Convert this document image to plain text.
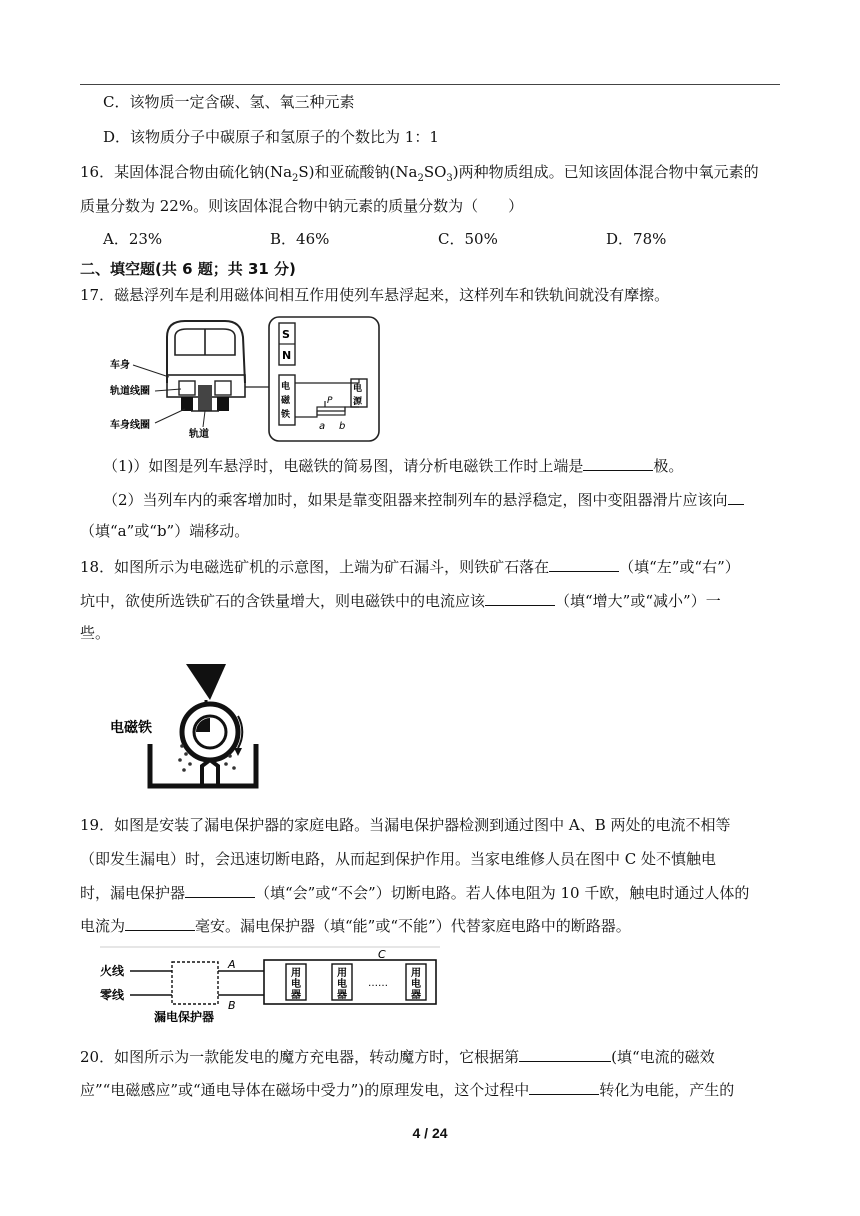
C．该物质一定含碳、氢、氧三种元素
D．该物质分子中碳原子和氢原子的个数比为 1：1
16．某固体混合物由硫化钠$(Na_2S)$和亚硫酸钠$(Na_2SO_3)$两种物质组成。已知该固体混合物中氧元素的
质量分数为 22%。则该固体混合物中钠元素的质量分数为（　　）
A．23%	B．46%	C．50%	D．78%
二、填空题(共 6 题；共 31 分)
17．磁悬浮列车是利用磁体间相互作用使列车悬浮起来，这样列车和铁轨间就没有摩擦。
车身
轨道线圈
车身线圈
轨道
S
N
电
磁
铁
电
源
P
a b
（1)）如图是列车悬浮时，电磁铁的简易图，请分析电磁铁工作时上端是	极。
（2）当列车内的乘客增加时，如果是靠变阻器来控制列车的悬浮稳定，图中变阻器滑片应该向
（填“a”或“b”）端移动。
18．如图所示为电磁选矿机的示意图，上端为矿石漏斗，则铁矿石落在	（填“左”或“右”）
坑中，欲使所选铁矿石的含铁量增大，则电磁铁中的电流应该	（填“增大”或“减小”）一
些。
电磁铁
19．如图是安装了漏电保护器的家庭电路。当漏电保护器检测到通过图中 A、B 两处的电流不相等
（即发生漏电）时，会迅速切断电路，从而起到保护作用。当家电维修人员在图中 C 处不慎触电
时，漏电保护器	（填“会”或“不会”）切断电路。若人体电阻为 10 千欧，触电时通过人体的
电流为	毫安。漏电保护器（填“能”或“不能”）代替家庭电路中的断路器。
火线
零线
A
B
漏电保护器
C
用
电
器
用
电
器
用
电
器
……
20．如图所示为一款能发电的魔方充电器，转动魔方时，它根据第	(填“电流的磁效
应”“电磁感应”或“通电导体在磁场中受力”)的原理发电，这个过程中	转化为电能，产生的
4 / 24
